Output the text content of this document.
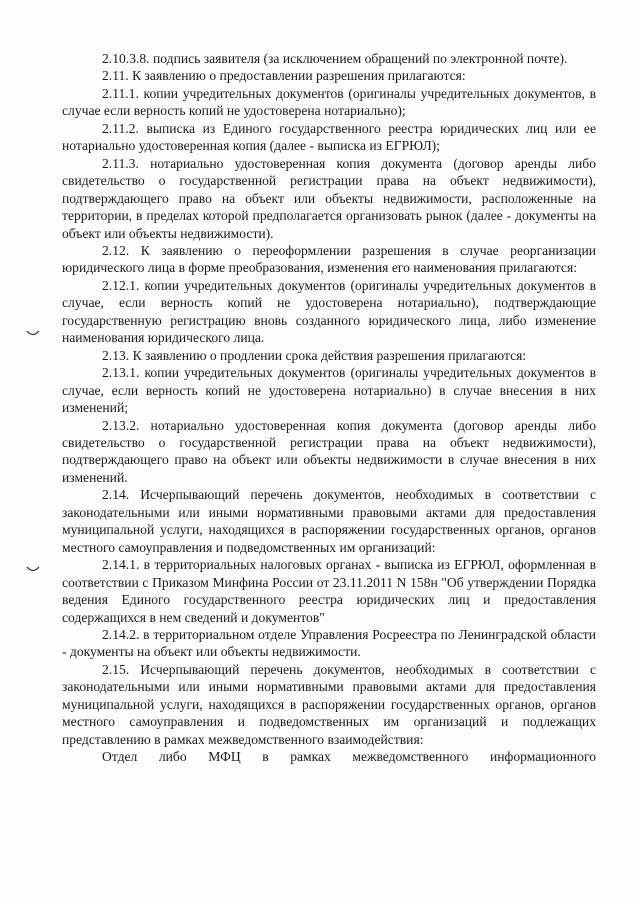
2.10.3.8. подпись заявителя (за исключением обращений по электронной почте).

2.11. К заявлению о предоставлении разрешения прилагаются:

2.11.1. копии учредительных документов (оригиналы учредительных документов, в случае если верность копий не удостоверена нотариально);

2.11.2. выписка из Единого государственного реестра юридических лиц или ее нотариально удостоверенная копия (далее - выписка из ЕГРЮЛ);

2.11.3. нотариально удостоверенная копия документа (договор аренды либо свидетельство о государственной регистрации права на объект недвижимости), подтверждающего право на объект или объекты недвижимости, расположенные на территории, в пределах которой предполагается организовать рынок (далее - документы на объект или объекты недвижимости).

2.12. К заявлению о переоформлении разрешения в случае реорганизации юридического лица в форме преобразования, изменения его наименования прилагаются:

2.12.1. копии учредительных документов (оригиналы учредительных документов в случае, если верность копий не удостоверена нотариально), подтверждающие государственную регистрацию вновь созданного юридического лица, либо изменение наименования юридического лица.

2.13. К заявлению о продлении срока действия разрешения прилагаются:

2.13.1. копии учредительных документов (оригиналы учредительных документов в случае, если верность копий не удостоверена нотариально) в случае внесения в них изменений;

2.13.2. нотариально удостоверенная копия документа (договор аренды либо свидетельство о государственной регистрации права на объект недвижимости), подтверждающего право на объект или объекты недвижимости в случае внесения в них изменений.

2.14. Исчерпывающий перечень документов, необходимых в соответствии с законодательными или иными нормативными правовыми актами для предоставления муниципальной услуги, находящихся в распоряжении государственных органов, органов местного самоуправления и подведомственных им организаций:

2.14.1. в территориальных налоговых органах - выписка из ЕГРЮЛ, оформленная в соответствии с Приказом Минфина России от 23.11.2011 N 158н "Об утверждении Порядка ведения Единого государственного реестра юридических лиц и предоставления содержащихся в нем сведений и документов"

2.14.2. в территориальном отделе Управления Росреестра по Ленинградской области - документы на объект или объекты недвижимости.

2.15. Исчерпывающий перечень документов, необходимых в соответствии с законодательными или иными нормативными правовыми актами для предоставления муниципальной услуги, находящихся в распоряжении государственных органов, органов местного самоуправления и подведомственных им организаций и подлежащих представлению в рамках межведомственного взаимодействия:

Отдел либо МФЦ в рамках межведомственного информационного
